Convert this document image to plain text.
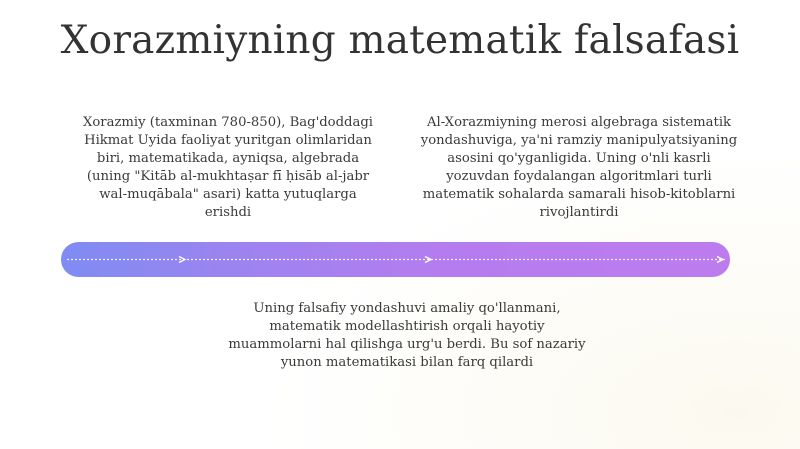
Xorazmiyning matematik falsafasi
Xorazmiy (taxminan 780-850), Bag'doddagi Hikmat Uyida faoliyat yuritgan olimlaridan biri, matematikada, ayniqsa, algebrada (uning "Kitāb al-mukhtaṣar fī ḥisāb al-jabr wal-muqābala" asari) katta yutuqlarga erishdi
Al-Xorazmiyning merosi algebraga sistematik yondashuviga, ya'ni ramziy manipulyatsiyaning asosini qo'yganligida. Uning o'nli kasrli yozuvdan foydalangan algoritmlari turli matematik sohalarda samarali hisob-kitoblarni rivojlantirdi
Uning falsafiy yondashuvi amaliy qo'llanmani, matematik modellashtirish orqali hayotiy muammolarni hal qilishga urg'u berdi. Bu sof nazariy yunon matematikasi bilan farq qilardi
